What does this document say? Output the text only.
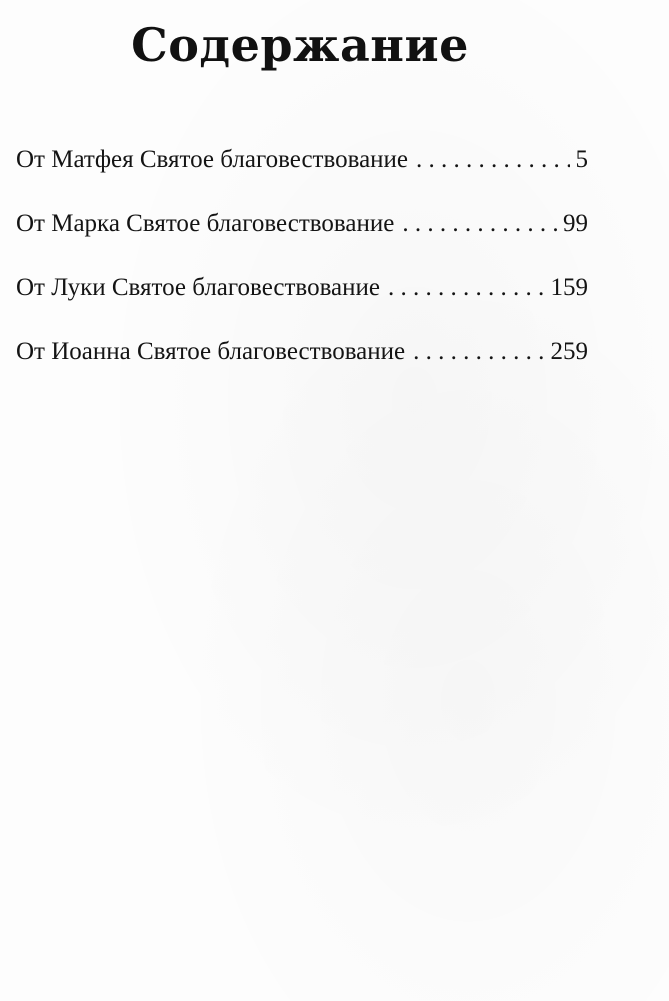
Содержание
От Матфея Святое благовествование . . .	5
От Марка Святое благовествование . . .	99
От Луки Святое благовествование . . .	159
От Иоанна Святое благовествование . . .	259
